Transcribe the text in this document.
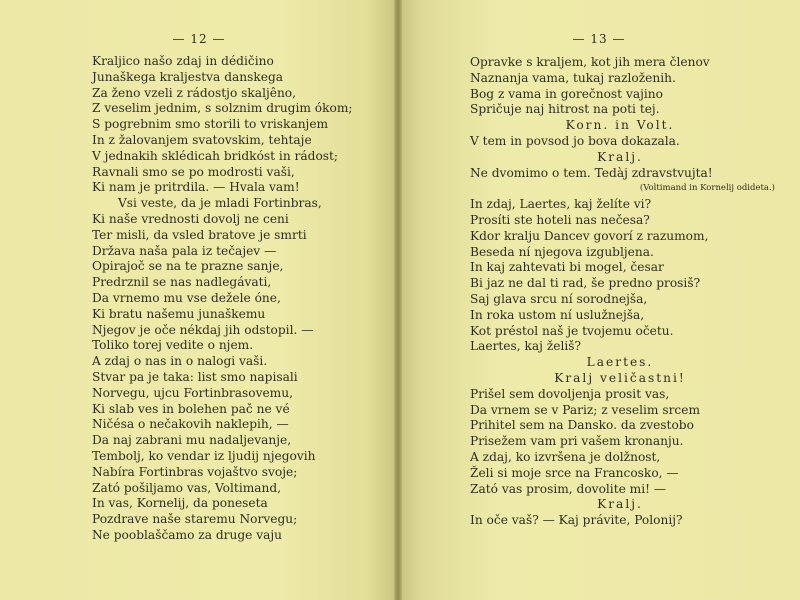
— 12 —
Kraljico našo zdaj in dédičino
Junaškega kraljestva danskega
Za ženo vzeli z rádostjo skaljêno,
Z veselim jednim, s solznim drugim ókom;
S pogrebnim smo storili to vriskanjem
In z žalovanjem svatovskim, tehtaje
V jednakih sklédicah bridkóst in rádost;
Ravnali smo se po modrosti vaši,
Ki nam je pritrdila. — Hvala vam!
Vsi veste, da je mladi Fortinbras,
Ki naše vrednosti dovolj ne ceni
Ter misli, da vsled bratove je smrti
Država naša pala iz tečajev —
Opirajoč se na te prazne sanje,
Predrznil se nas nadlegávati,
Da vrnemo mu vse dežele óne,
Ki bratu našemu junaškemu
Njegov je oče nékdaj jih odstopil. —
Toliko torej vedite o njem.
A zdaj o nas in o nalogi vaši.
Stvar pa je taka: list smo napisali
Norvegu, ujcu Fortinbrasovemu,
Ki slab ves in bolehen pač ne vé
Ničésa o nečakovih naklepih, —
Da naj zabrani mu nadaljevanje,
Tembolj, ko vendar iz ljudij njegovih
Nabíra Fortinbras vojaštvo svoje;
Zató pošiljamo vas, Voltimand,
In vas, Kornelij, da poneseta
Pozdrave naše staremu Norvegu;
Ne pooblaščamo za druge vaju
— 13 —
Opravke s kraljem, kot jih mera členov
Naznanja vama, tukaj razloženih.
Bog z vama in gorečnost vajino
Spričuje naj hitrost na poti tej.
Korn. in Volt.
V tem in povsod jo bova dokazala.
Kralj.
Ne dvomimo o tem. Tedàj zdravstvujta!
(Voltimand in Kornelij odideta.)
In zdaj, Laertes, kaj želíte vi?
Prosíti ste hoteli nas nečesa?
Kdor kralju Dancev govorí z razumom,
Beseda ní njegova izgubljena.
In kaj zahtevati bi mogel, česar
Bi jaz ne dal ti rad, še predno prosiš?
Saj glava srcu ní sorodnejša,
In roka ustom ní uslužnejša,
Kot préstol naš je tvojemu očetu.
Laertes, kaj želiš?
Laertes.
Kralj veličastni!
Prišel sem dovoljenja prosit vas,
Da vrnem se v Pariz; z veselim srcem
Prihitel sem na Dansko. da zvestobo
Prisežem vam pri vašem kronanju.
A zdaj, ko izvršena je dolžnost,
Želi si moje srce na Francosko, —
Zató vas prosim, dovolite mi! —
Kralj.
In oče vaš? — Kaj právite, Polonij?
